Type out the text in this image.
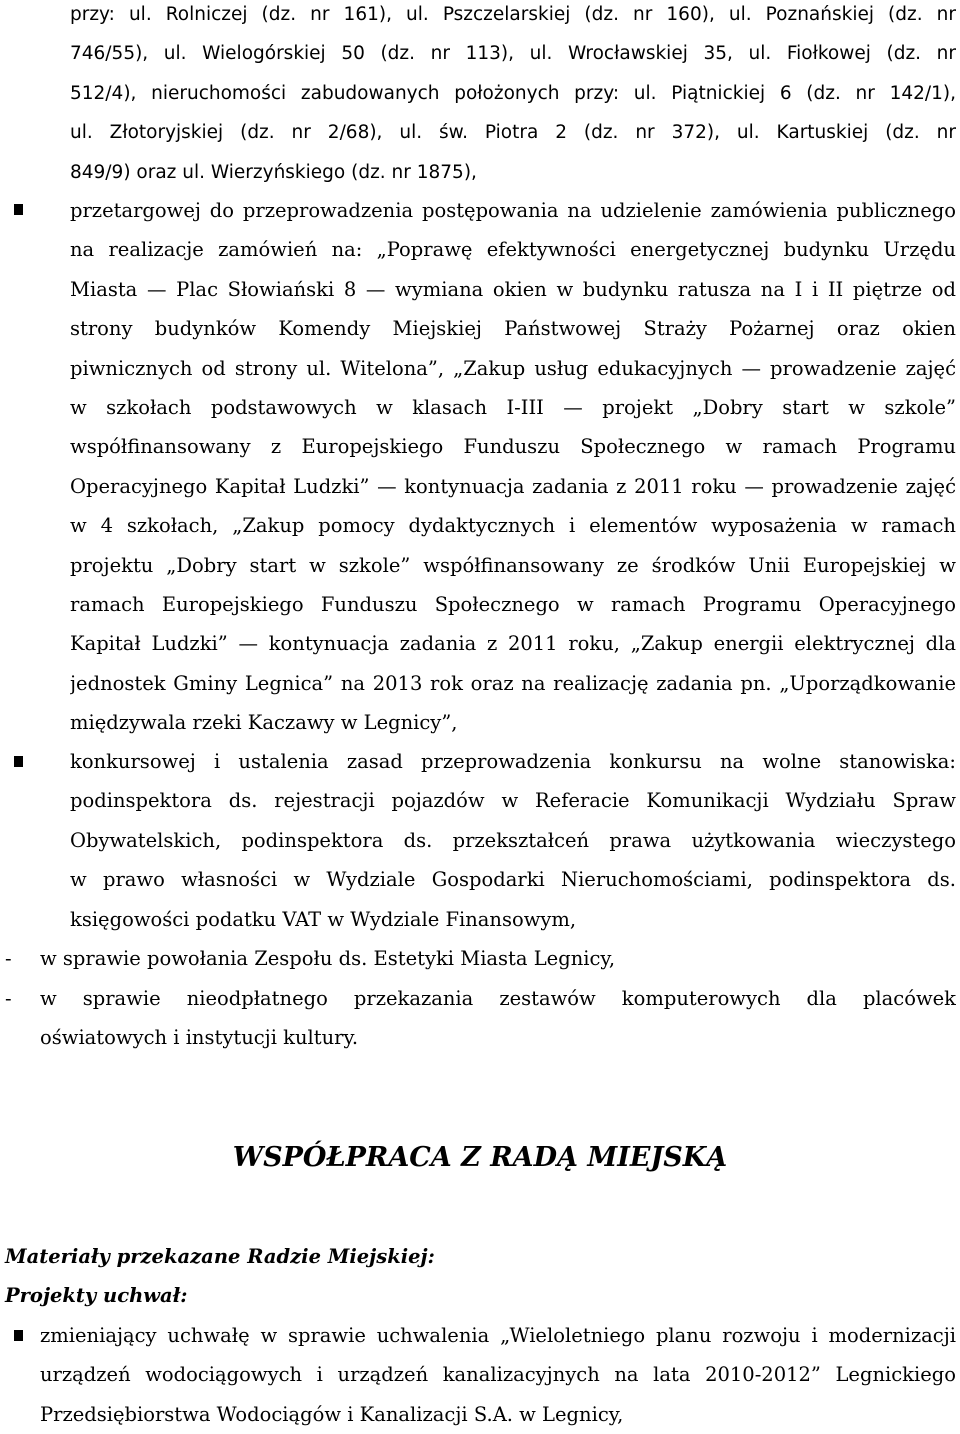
przy: ul. Rolniczej (dz. nr 161), ul. Pszczelarskiej (dz. nr 160), ul. Poznańskiej (dz. nr
746/55), ul. Wielogórskiej 50 (dz. nr 113), ul. Wrocławskiej 35, ul. Fiołkowej (dz. nr
512/4), nieruchomości zabudowanych położonych przy: ul. Piątnickiej 6 (dz. nr 142/1),
ul. Złotoryjskiej (dz. nr 2/68), ul. św. Piotra 2 (dz. nr 372), ul. Kartuskiej (dz. nr
849/9) oraz ul. Wierzyńskiego (dz. nr 1875),
przetargowej do przeprowadzenia postępowania na udzielenie zamówienia publicznego
na realizacje zamówień na: „Poprawę efektywności energetycznej budynku Urzędu
Miasta — Plac Słowiański 8 — wymiana okien w budynku ratusza na I i II piętrze od
strony budynków Komendy Miejskiej Państwowej Straży Pożarnej oraz okien
piwnicznych od strony ul. Witelona”, „Zakup usług edukacyjnych — prowadzenie zajęć
w szkołach podstawowych w klasach I-III — projekt „Dobry start w szkole”
współfinansowany z Europejskiego Funduszu Społecznego w ramach Programu
Operacyjnego Kapitał Ludzki” — kontynuacja zadania z 2011 roku — prowadzenie zajęć
w 4 szkołach, „Zakup pomocy dydaktycznych i elementów wyposażenia w ramach
projektu „Dobry start w szkole” współfinansowany ze środków Unii Europejskiej w
ramach Europejskiego Funduszu Społecznego w ramach Programu Operacyjnego
Kapitał Ludzki” — kontynuacja zadania z 2011 roku, „Zakup energii elektrycznej dla
jednostek Gminy Legnica” na 2013 rok oraz na realizację zadania pn. „Uporządkowanie
międzywala rzeki Kaczawy w Legnicy”,
konkursowej i ustalenia zasad przeprowadzenia konkursu na wolne stanowiska:
podinspektora ds. rejestracji pojazdów w Referacie Komunikacji Wydziału Spraw
Obywatelskich, podinspektora ds. przekształceń prawa użytkowania wieczystego
w prawo własności w Wydziale Gospodarki Nieruchomościami, podinspektora ds.
księgowości podatku VAT w Wydziale Finansowym,
- w sprawie powołania Zespołu ds. Estetyki Miasta Legnicy,
- w sprawie nieodpłatnego przekazania zestawów komputerowych dla placówek
oświatowych i instytucji kultury.
WSPÓŁPRACA Z RADĄ MIEJSKĄ
Materiały przekazane Radzie Miejskiej:
Projekty uchwał:
zmieniający uchwałę w sprawie uchwalenia „Wieloletniego planu rozwoju i modernizacji
urządzeń wodociągowych i urządzeń kanalizacyjnych na lata 2010-2012” Legnickiego
Przedsiębiorstwa Wodociągów i Kanalizacji S.A. w Legnicy,
